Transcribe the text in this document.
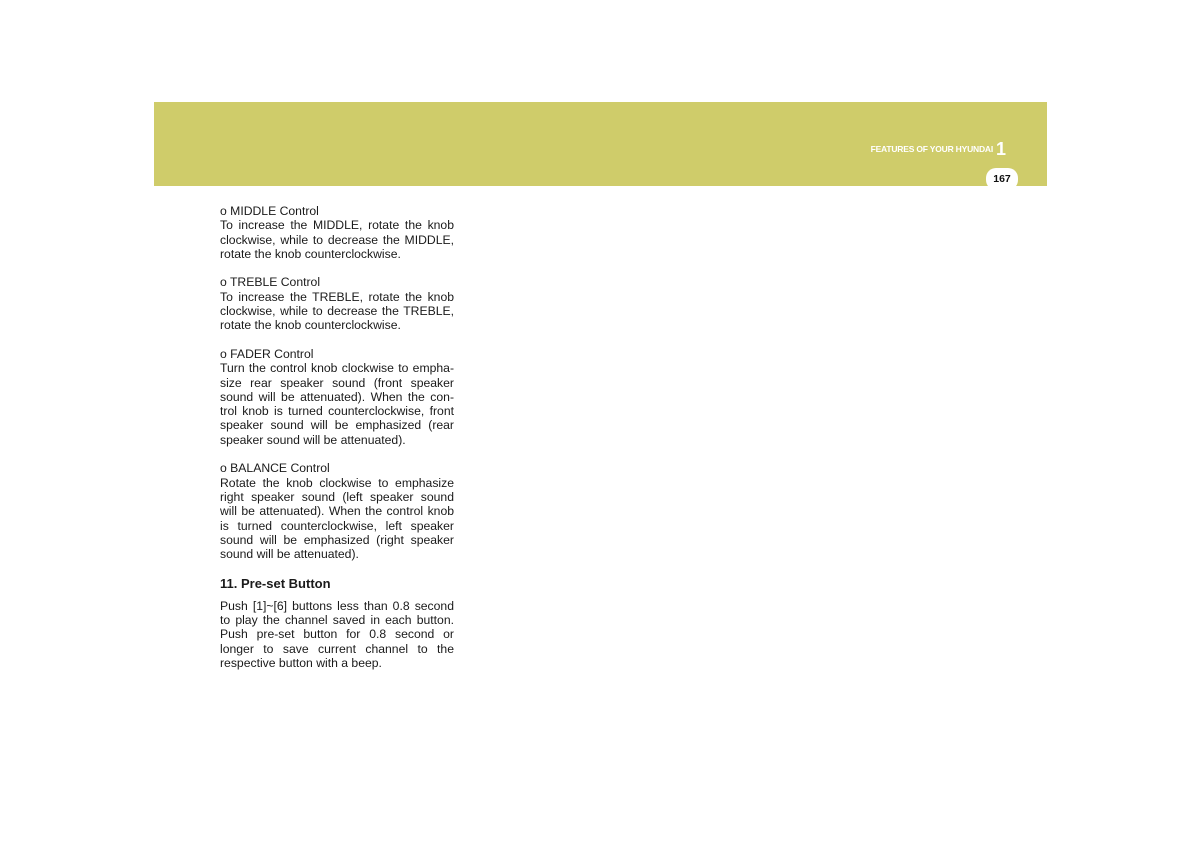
FEATURES OF YOUR HYUNDAI 1
167
o MIDDLE Control
To increase the MIDDLE, rotate the knob clockwise, while to decrease the MIDDLE, rotate the knob counterclockwise.
o TREBLE Control
To increase the TREBLE, rotate the knob clockwise, while to decrease the TREBLE, rotate the knob counterclockwise.
o FADER Control
Turn the control knob clockwise to emphasize rear speaker sound (front speaker sound will be attenuated). When the control knob is turned counterclockwise, front speaker sound will be emphasized (rear speaker sound will be attenuated).
o BALANCE Control
Rotate the knob clockwise to emphasize right speaker sound (left speaker sound will be attenuated). When the control knob is turned counterclockwise, left speaker sound will be emphasized (right speaker sound will be attenuated).
11. Pre-set Button
Push [1]~[6] buttons less than 0.8 second to play the channel saved in each button. Push pre-set button for 0.8 second or longer to save current channel to the respective button with a beep.
